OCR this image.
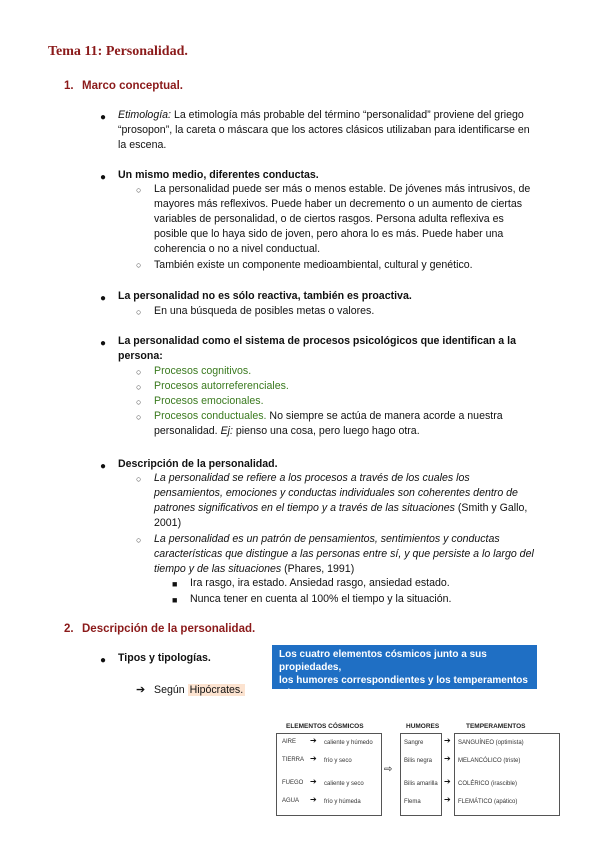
Tema 11: Personalidad.
1. Marco conceptual.
● Etimología: La etimología más probable del término “personalidad” proviene del griego
“prosopon”, la careta o máscara que los actores clásicos utilizaban para identificarse en
la escena.
● Un mismo medio, diferentes conductas.
○ La personalidad puede ser más o menos estable. De jóvenes más intrusivos, de
mayores más reflexivos. Puede haber un decremento o un aumento de ciertas
variables de personalidad, o de ciertos rasgos. Persona adulta reflexiva es
posible que lo haya sido de joven, pero ahora lo es más. Puede haber una
coherencia o no a nivel conductual.
○ También existe un componente medioambiental, cultural y genético.
● La personalidad no es sólo reactiva, también es proactiva.
○ En una búsqueda de posibles metas o valores.
● La personalidad como el sistema de procesos psicológicos que identifican a la
persona:
○ Procesos cognitivos.
○ Procesos autorreferenciales.
○ Procesos emocionales.
○ Procesos conductuales. No siempre se actúa de manera acorde a nuestra
personalidad. Ej: pienso una cosa, pero luego hago otra.
● Descripción de la personalidad.
○ La personalidad se refiere a los procesos a través de los cuales los
pensamientos, emociones y conductas individuales son coherentes dentro de
patrones significativos en el tiempo y a través de las situaciones (Smith y Gallo,
2001)
○ La personalidad es un patrón de pensamientos, sentimientos y conductas
características que distingue a las personas entre sí, y que persiste a lo largo del
tiempo y de las situaciones (Phares, 1991)
■ Ira rasgo, ira estado. Ansiedad rasgo, ansiedad estado.
■ Nunca tener en cuenta al 100% el tiempo y la situación.
2. Descripción de la personalidad.
● Tipos y tipologías.
➔ Según Hipócrates.
Los cuatro elementos cósmicos junto a sus propiedades,
los humores correspondientes y los temperamentos a los
que éstos dan lugar, según Hipócrates
ELEMENTOS CÓSMICOS	HUMORES	TEMPERAMENTOS
AIRE ➔ caliente y húmedo
TIERRA ➔ frío y seco
FUEGO ➔ caliente y seco
AGUA ➔ frío y húmeda
⇨
Sangre
Bilis negra
Bilis amarilla
Flema
➔
➔
➔
➔
SANGUÍNEO (optimista)
MELANCÓLICO (triste)
COLÉRICO (irascible)
FLEMÁTICO (apático)
